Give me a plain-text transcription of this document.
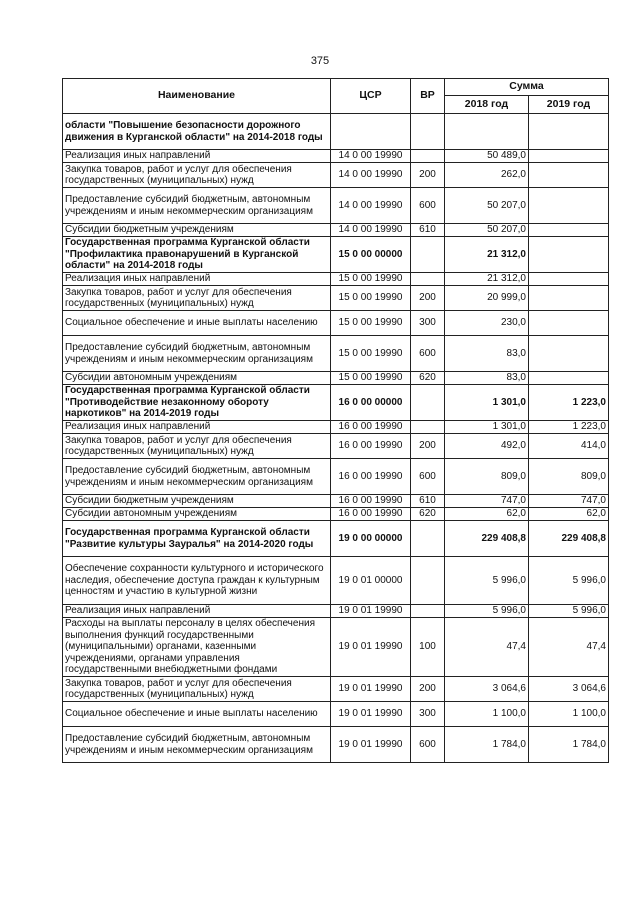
375
Наименование	ЦСР	ВР	Сумма	
			2018 год	2019 год
области "Повышение безопасности дорожного движения в Курганской области" на 2014-2018 годы				
Реализация иных направлений	14 0 00 19990		50 489,0	
Закупка товаров, работ и услуг для обеспечения государственных (муниципальных) нужд	14 0 00 19990	200	262,0	
Предоставление субсидий бюджетным, автономным учреждениям и иным некоммерческим организациям	14 0 00 19990	600	50 207,0	
Субсидии бюджетным учреждениям	14 0 00 19990	610	50 207,0	
Государственная программа Курганской области "Профилактика правонарушений в Курганской области" на 2014-2018 годы	15 0 00 00000		21 312,0	
Реализация иных направлений	15 0 00 19990		21 312,0	
Закупка товаров, работ и услуг для обеспечения государственных (муниципальных) нужд	15 0 00 19990	200	20 999,0	
Социальное обеспечение и иные выплаты населению	15 0 00 19990	300	230,0	
Предоставление субсидий бюджетным, автономным учреждениям и иным некоммерческим организациям	15 0 00 19990	600	83,0	
Субсидии автономным учреждениям	15 0 00 19990	620	83,0	
Государственная программа Курганской области "Противодействие незаконному обороту наркотиков" на 2014-2019 годы	16 0 00 00000		1 301,0	1 223,0
Реализация иных направлений	16 0 00 19990		1 301,0	1 223,0
Закупка товаров, работ и услуг для обеспечения государственных (муниципальных) нужд	16 0 00 19990	200	492,0	414,0
Предоставление субсидий бюджетным, автономным учреждениям и иным некоммерческим организациям	16 0 00 19990	600	809,0	809,0
Субсидии бюджетным учреждениям	16 0 00 19990	610	747,0	747,0
Субсидии автономным учреждениям	16 0 00 19990	620	62,0	62,0
Государственная программа Курганской области "Развитие культуры Зауралья" на 2014-2020 годы	19 0 00 00000		229 408,8	229 408,8
Обеспечение сохранности культурного и исторического наследия, обеспечение доступа граждан к культурным ценностям и участию в культурной жизни	19 0 01 00000		5 996,0	5 996,0
Реализация иных направлений	19 0 01 19990		5 996,0	5 996,0
Расходы на выплаты персоналу в целях обеспечения выполнения функций государственными (муниципальными) органами, казенными учреждениями, органами управления государственными внебюджетными фондами	19 0 01 19990	100	47,4	47,4
Закупка товаров, работ и услуг для обеспечения государственных (муниципальных) нужд	19 0 01 19990	200	3 064,6	3 064,6
Социальное обеспечение и иные выплаты населению	19 0 01 19990	300	1 100,0	1 100,0
Предоставление субсидий бюджетным, автономным учреждениям и иным некоммерческим организациям	19 0 01 19990	600	1 784,0	1 784,0
